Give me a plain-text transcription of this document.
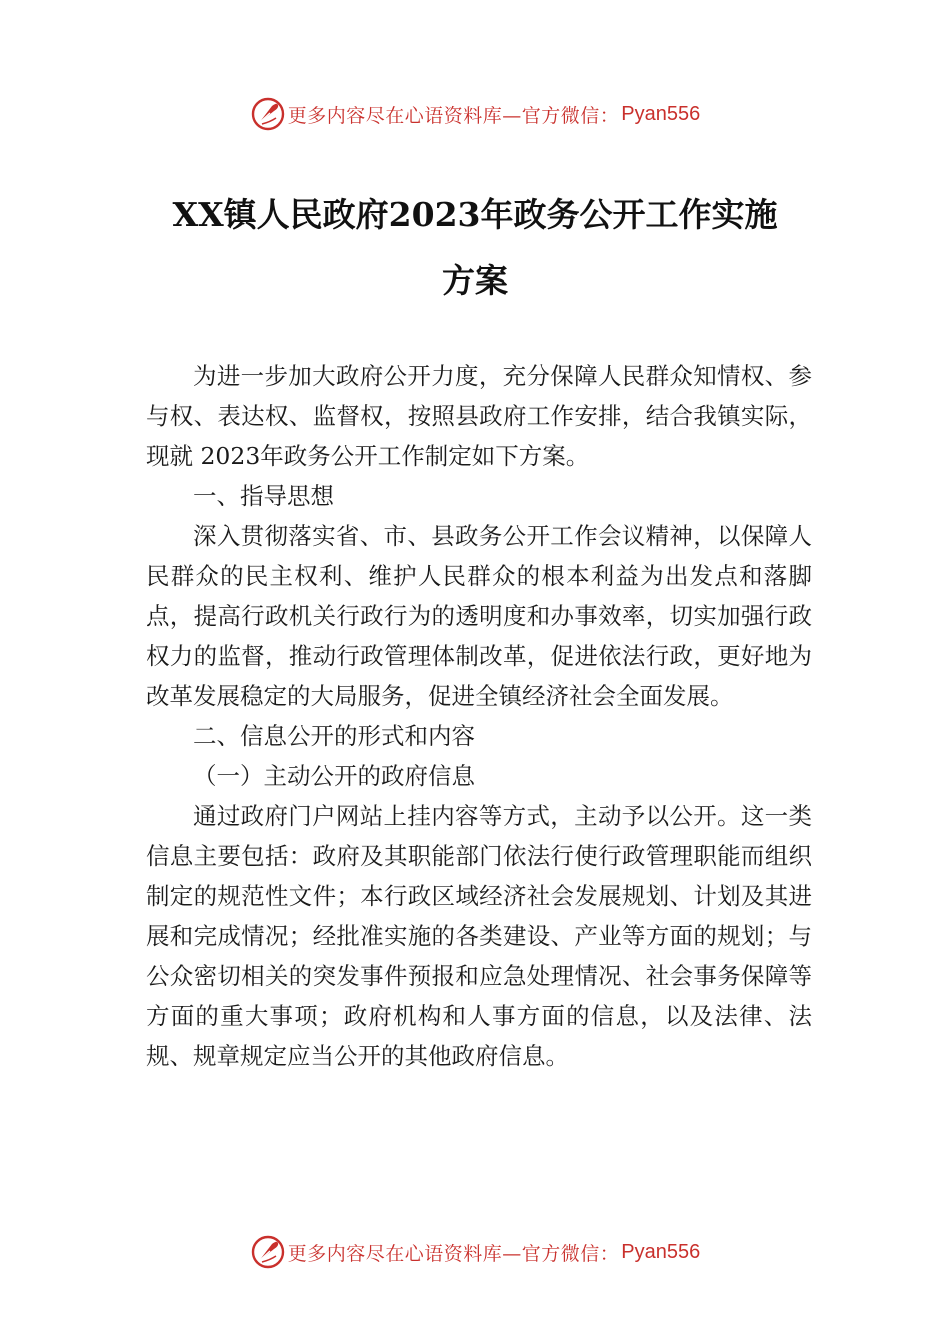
更多内容尽在心语资料库—官方微信： Pyan556
XX镇人民政府2023年政务公开工作实施
方案

为进一步加大政府公开力度，充分保障人民群众知情权、参与权、表达权、监督权，按照县政府工作安排，结合我镇实际，现就 2023年政务公开工作制定如下方案。

一、指导思想

深入贯彻落实省、市、县政务公开工作会议精神，以保障人民群众的民主权利、维护人民群众的根本利益为出发点和落脚点，提高行政机关行政行为的透明度和办事效率，切实加强行政权力的监督，推动行政管理体制改革，促进依法行政，更好地为改革发展稳定的大局服务，促进全镇经济社会全面发展。

二、信息公开的形式和内容

（一）主动公开的政府信息

通过政府门户网站上挂内容等方式，主动予以公开。这一类信息主要包括：政府及其职能部门依法行使行政管理职能而组织制定的规范性文件；本行政区域经济社会发展规划、计划及其进展和完成情况；经批准实施的各类建设、产业等方面的规划；与公众密切相关的突发事件预报和应急处理情况、社会事务保障等方面的重大事项；政府机构和人事方面的信息，以及法律、法规、规章规定应当公开的其他政府信息。

更多内容尽在心语资料库—官方微信： Pyan556
